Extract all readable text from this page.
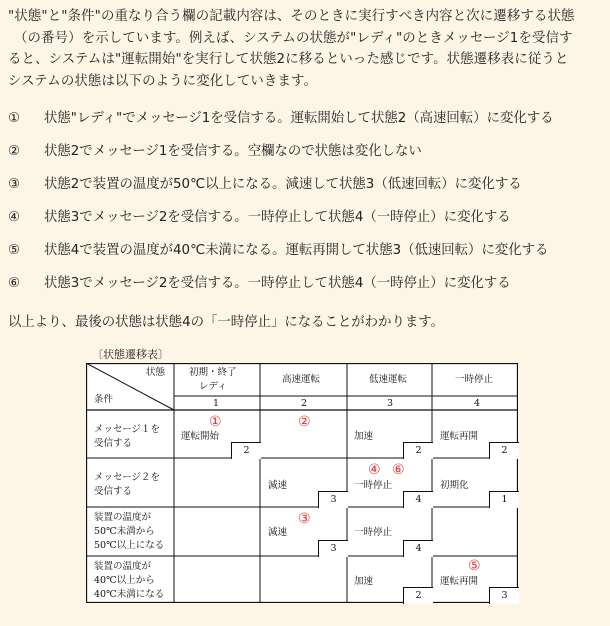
"状態"と"条件"の重なり合う欄の記載内容は、そのときに実行すべき内容と次に遷移する状態

（の番号）を示しています。例えば、システムの状態が"レディ"のときメッセージ1を受信す

ると、システムは"運転開始"を実行して状態2に移るといった感じです。状態遷移表に従うと

システムの状態は以下のように変化していきます。

① 状態"レディ"でメッセージ1を受信する。運転開始して状態2（高速回転）に変化する
② 状態2でメッセージ1を受信する。空欄なので状態は変化しない
③ 状態2で装置の温度が50℃以上になる。減速して状態3（低速回転）に変化する
④ 状態3でメッセージ2を受信する。一時停止して状態4（一時停止）に変化する
⑤ 状態4で装置の温度が40℃未満になる。運転再開して状態3（低速回転）に変化する
⑥ 状態3でメッセージ2を受信する。一時停止して状態4（一時停止）に変化する
以上より、最後の状態は状態4の「一時停止」になることがわかります。
〔状態遷移表〕
状態
条件
初期・終了
レディ
1
高速運転
2
低速運転
3
一時停止
4
メッセージ１を
受信する
メッセージ２を
受信する
装置の温度が
50℃未満から
50℃以上になる
装置の温度が
40℃以上から
40℃未満になる
運転開始
2
加速
2
運転再開
2
減速
3
一時停止
4
初期化
1
減速
3
一時停止
4
加速
2
運転再開
3
①	②
③
④ ⑥
⑤
